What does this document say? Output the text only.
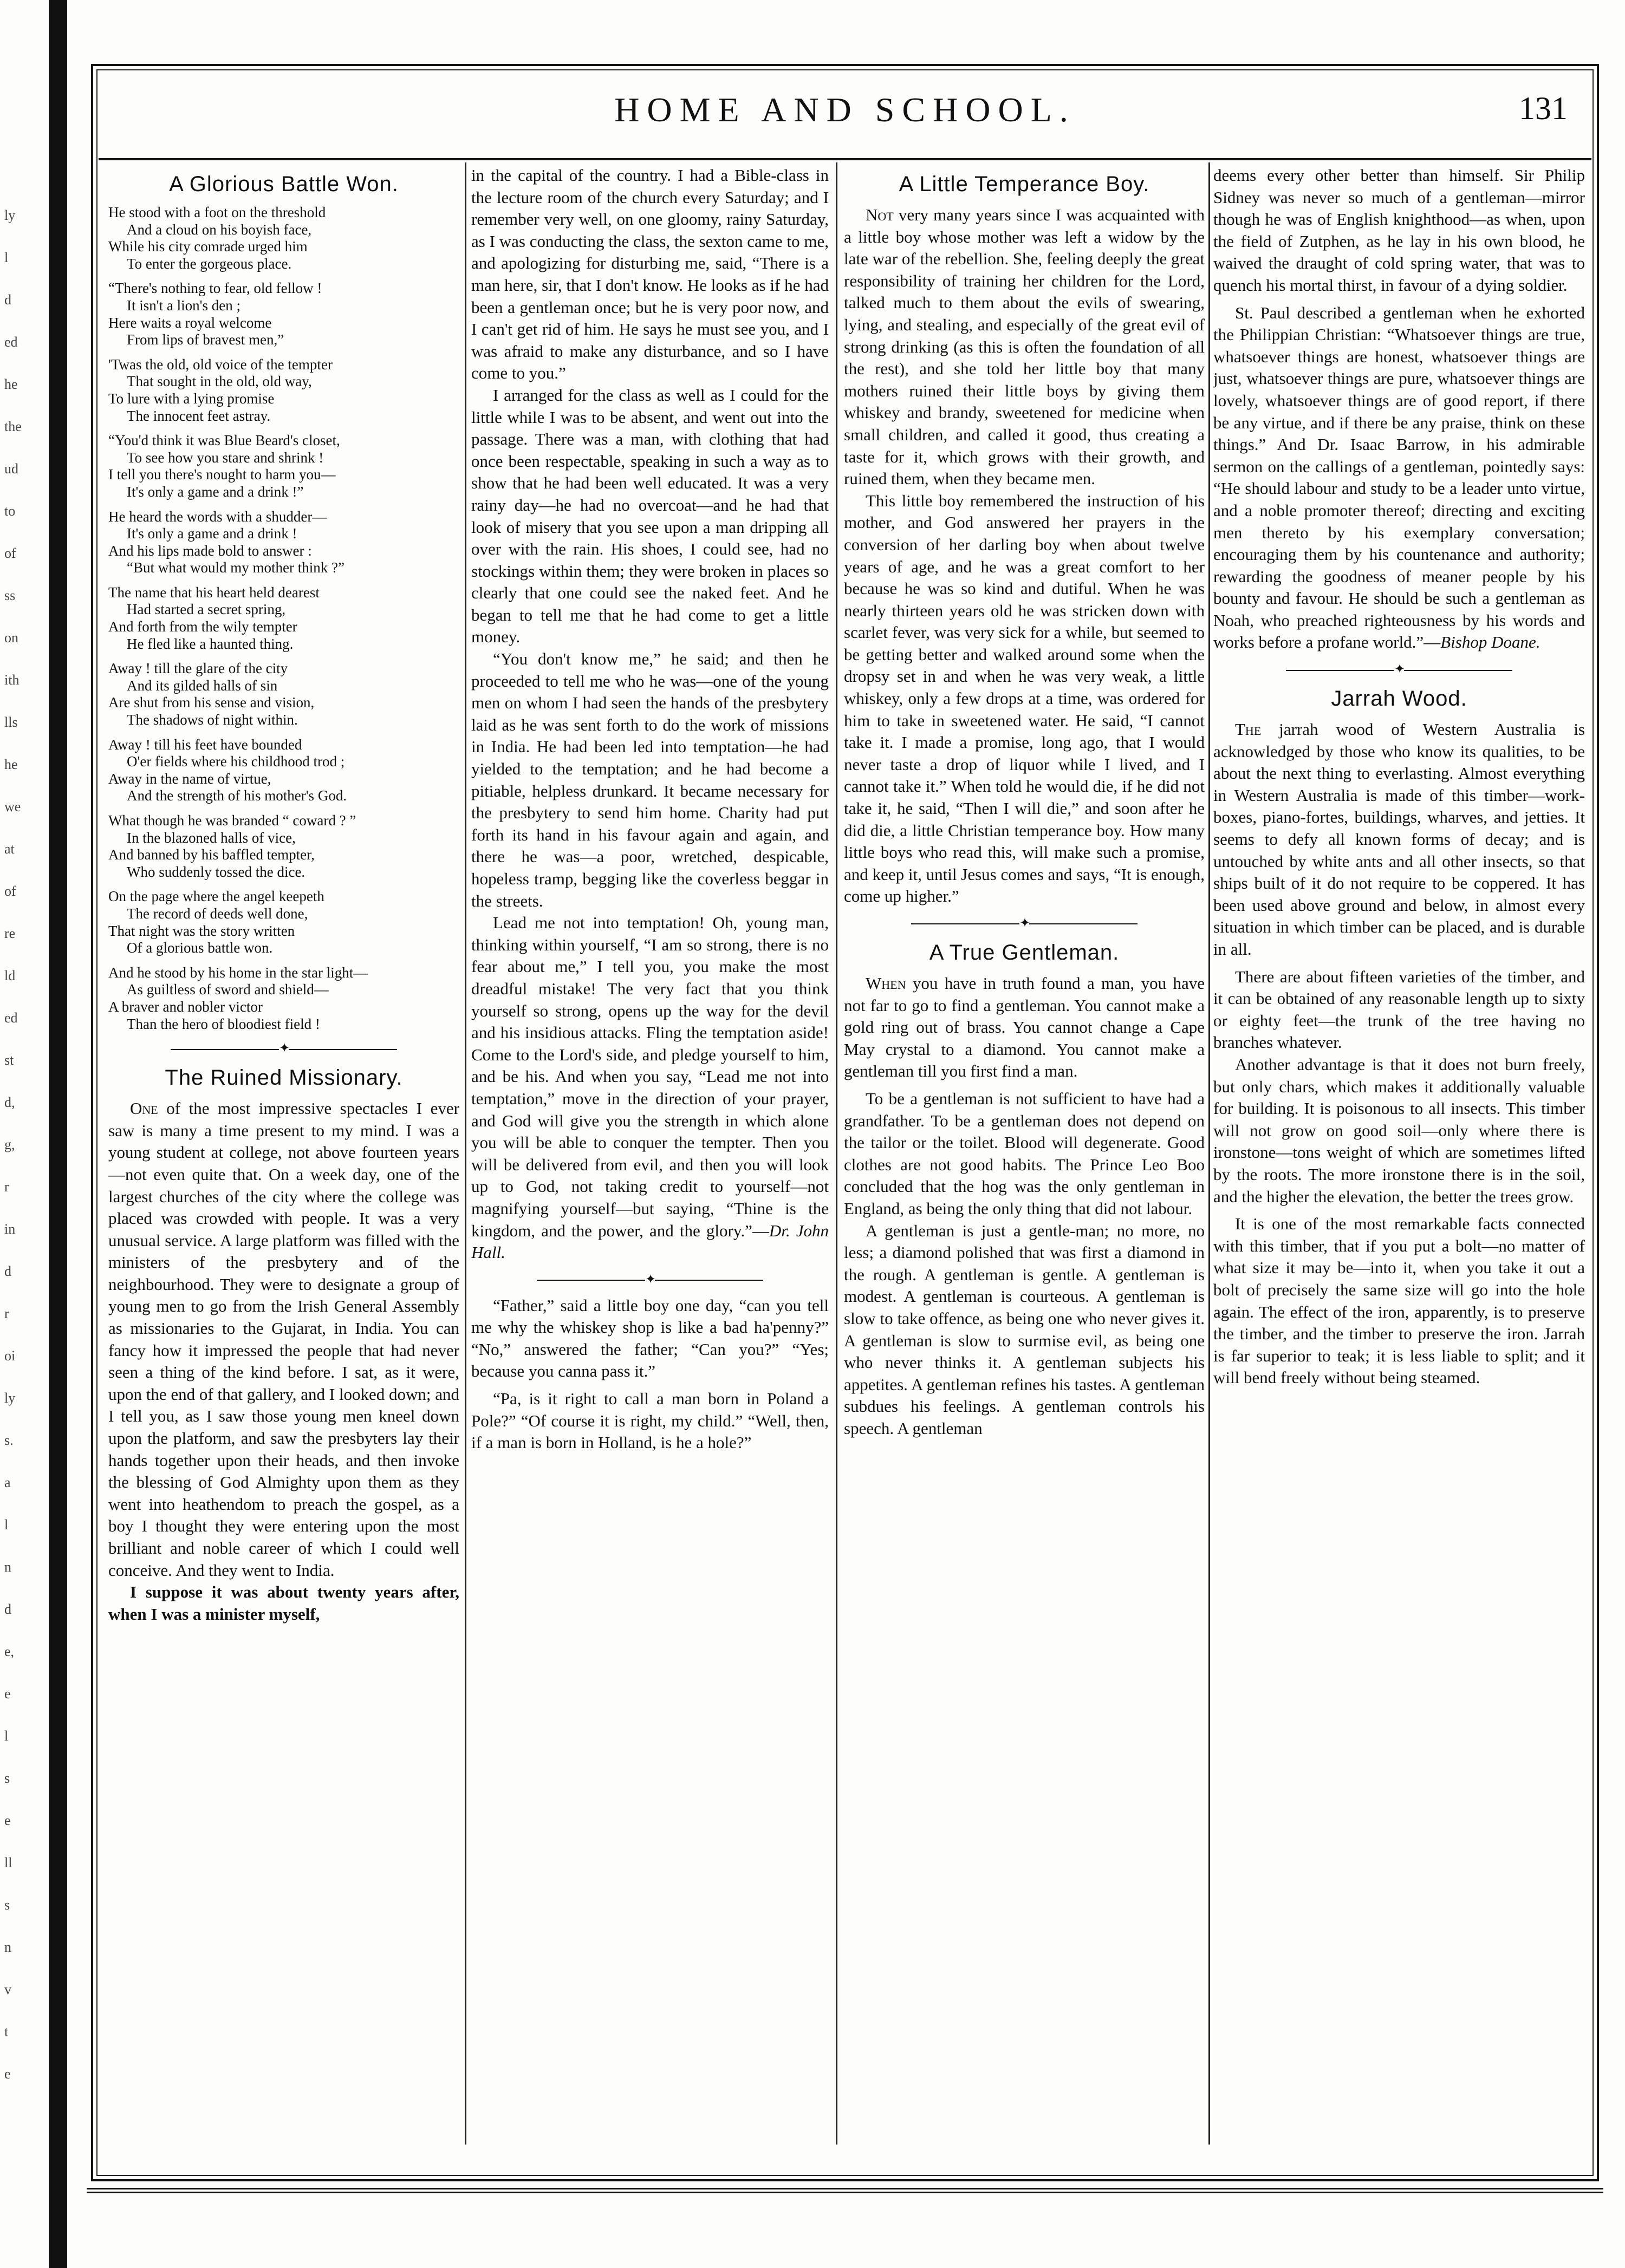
ly
l
d
ed
he
the
ud
to
of
ss
on
ith
lls
he
we
at
of
re
ld
ed
st
d,
g,
r
in
d
r
oi
ly
s.
a
l
n
d
e,
e
l
s
e
ll
s
n
v
t
e
HOME AND SCHOOL.	131
A Glorious Battle Won.
He stood with a foot on the threshold
And a cloud on his boyish face,
While his city comrade urged him
To enter the gorgeous place.
“There's nothing to fear, old fellow !
It isn't a lion's den ;
Here waits a royal welcome
From lips of bravest men,”
'Twas the old, old voice of the tempter
That sought in the old, old way,
To lure with a lying promise
The innocent feet astray.
“You'd think it was Blue Beard's closet,
To see how you stare and shrink !
I tell you there's nought to harm you—
It's only a game and a drink !”
He heard the words with a shudder—
It's only a game and a drink !
And his lips made bold to answer :
“But what would my mother think ?”
The name that his heart held dearest
Had started a secret spring,
And forth from the wily tempter
He fled like a haunted thing.
Away ! till the glare of the city
And its gilded halls of sin
Are shut from his sense and vision,
The shadows of night within.
Away ! till his feet have bounded
O'er fields where his childhood trod ;
Away in the name of virtue,
And the strength of his mother's God.
What though he was branded “ coward ? ”
In the blazoned halls of vice,
And banned by his baffled tempter,
Who suddenly tossed the dice.
On the page where the angel keepeth
The record of deeds well done,
That night was the story written
Of a glorious battle won.
And he stood by his home in the star light—
As guiltless of sword and shield—
A braver and nobler victor
Than the hero of bloodiest field !
✦
The Ruined Missionary.

One of the most impressive spectacles I ever saw is many a time present to my mind. I was a young student at college, not above fourteen years—not even quite that. On a week day, one of the largest churches of the city where the college was placed was crowded with people. It was a very unusual service. A large platform was filled with the ministers of the presbytery and of the neighbourhood. They were to designate a group of young men to go from the Irish General Assembly as missionaries to the Gujarat, in India. You can fancy how it impressed the people that had never seen a thing of the kind before. I sat, as it were, upon the end of that gallery, and I looked down; and I tell you, as I saw those young men kneel down upon the platform, and saw the presbyters lay their hands together upon their heads, and then invoke the blessing of God Almighty upon them as they went into heathendom to preach the gospel, as a boy I thought they were entering upon the most brilliant and noble career of which I could well conceive. And they went to India.

I suppose it was about twenty years after, when I was a minister myself,

in the capital of the country. I had a Bible-class in the lecture room of the church every Saturday; and I remember very well, on one gloomy, rainy Saturday, as I was conducting the class, the sexton came to me, and apologizing for disturbing me, said, “There is a man here, sir, that I don't know. He looks as if he had been a gentleman once; but he is very poor now, and I can't get rid of him. He says he must see you, and I was afraid to make any disturbance, and so I have come to you.”

I arranged for the class as well as I could for the little while I was to be absent, and went out into the passage. There was a man, with clothing that had once been respectable, speaking in such a way as to show that he had been well educated. It was a very rainy day—he had no overcoat—and he had that look of misery that you see upon a man dripping all over with the rain. His shoes, I could see, had no stockings within them; they were broken in places so clearly that one could see the naked feet. And he began to tell me that he had come to get a little money.

“You don't know me,” he said; and then he proceeded to tell me who he was—one of the young men on whom I had seen the hands of the presbytery laid as he was sent forth to do the work of missions in India. He had been led into temptation—he had yielded to the temptation; and he had become a pitiable, helpless drunkard. It became necessary for the presbytery to send him home. Charity had put forth its hand in his favour again and again, and there he was—a poor, wretched, despicable, hopeless tramp, begging like the coverless beggar in the streets.

Lead me not into temptation! Oh, young man, thinking within yourself, “I am so strong, there is no fear about me,” I tell you, you make the most dreadful mistake! The very fact that you think yourself so strong, opens up the way for the devil and his insidious attacks. Fling the temptation aside! Come to the Lord's side, and pledge yourself to him, and be his. And when you say, “Lead me not into temptation,” move in the direction of your prayer, and God will give you the strength in which alone you will be able to conquer the tempter. Then you will be delivered from evil, and then you will look up to God, not taking credit to yourself—not magnifying yourself—but saying, “Thine is the kingdom, and the power, and the glory.”—Dr. John Hall.

✦

“Father,” said a little boy one day, “can you tell me why the whiskey shop is like a bad ha'penny?” “No,” answered the father; “Can you?” “Yes; because you canna pass it.”

“Pa, is it right to call a man born in Poland a Pole?” “Of course it is right, my child.” “Well, then, if a man is born in Holland, is he a hole?”

A Little Temperance Boy.

Not very many years since I was acquainted with a little boy whose mother was left a widow by the late war of the rebellion. She, feeling deeply the great responsibility of training her children for the Lord, talked much to them about the evils of swearing, lying, and stealing, and especially of the great evil of strong drinking (as this is often the foundation of all the rest), and she told her little boy that many mothers ruined their little boys by giving them whiskey and brandy, sweetened for medicine when small children, and called it good, thus creating a taste for it, which grows with their growth, and ruined them, when they became men.

This little boy remembered the instruction of his mother, and God answered her prayers in the conversion of her darling boy when about twelve years of age, and he was a great comfort to her because he was so kind and dutiful. When he was nearly thirteen years old he was stricken down with scarlet fever, was very sick for a while, but seemed to be getting better and walked around some when the dropsy set in and when he was very weak, a little whiskey, only a few drops at a time, was ordered for him to take in sweetened water. He said, “I cannot take it. I made a promise, long ago, that I would never taste a drop of liquor while I lived, and I cannot take it.” When told he would die, if he did not take it, he said, “Then I will die,” and soon after he did die, a little Christian temperance boy. How many little boys who read this, will make such a promise, and keep it, until Jesus comes and says, “It is enough, come up higher.”

✦
A True Gentleman.

When you have in truth found a man, you have not far to go to find a gentleman. You cannot make a gold ring out of brass. You cannot change a Cape May crystal to a diamond. You cannot make a gentleman till you first find a man.

To be a gentleman is not sufficient to have had a grandfather. To be a gentleman does not depend on the tailor or the toilet. Blood will degenerate. Good clothes are not good habits. The Prince Leo Boo concluded that the hog was the only gentleman in England, as being the only thing that did not labour.

A gentleman is just a gentle-man; no more, no less; a diamond polished that was first a diamond in the rough. A gentleman is gentle. A gentleman is modest. A gentleman is courteous. A gentleman is slow to take offence, as being one who never gives it. A gentleman is slow to surmise evil, as being one who never thinks it. A gentleman subjects his appetites. A gentleman refines his tastes. A gentleman subdues his feelings. A gentleman controls his speech. A gentleman

deems every other better than himself. Sir Philip Sidney was never so much of a gentleman—mirror though he was of English knighthood—as when, upon the field of Zutphen, as he lay in his own blood, he waived the draught of cold spring water, that was to quench his mortal thirst, in favour of a dying soldier.

St. Paul described a gentleman when he exhorted the Philippian Christian: “Whatsoever things are true, whatsoever things are honest, whatsoever things are just, whatsoever things are pure, whatsoever things are lovely, whatsoever things are of good report, if there be any virtue, and if there be any praise, think on these things.” And Dr. Isaac Barrow, in his admirable sermon on the callings of a gentleman, pointedly says: “He should labour and study to be a leader unto virtue, and a noble promoter thereof; directing and exciting men thereto by his exemplary conversation; encouraging them by his countenance and authority; rewarding the goodness of meaner people by his bounty and favour. He should be such a gentleman as Noah, who preached righteousness by his words and works before a profane world.”—Bishop Doane.

✦
Jarrah Wood.

The jarrah wood of Western Australia is acknowledged by those who know its qualities, to be about the next thing to everlasting. Almost everything in Western Australia is made of this timber—work-boxes, piano-fortes, buildings, wharves, and jetties. It seems to defy all known forms of decay; and is untouched by white ants and all other insects, so that ships built of it do not require to be coppered. It has been used above ground and below, in almost every situation in which timber can be placed, and is durable in all.

There are about fifteen varieties of the timber, and it can be obtained of any reasonable length up to sixty or eighty feet—the trunk of the tree having no branches whatever.

Another advantage is that it does not burn freely, but only chars, which makes it additionally valuable for building. It is poisonous to all insects. This timber will not grow on good soil—only where there is ironstone—tons weight of which are sometimes lifted by the roots. The more ironstone there is in the soil, and the higher the elevation, the better the trees grow.

It is one of the most remarkable facts connected with this timber, that if you put a bolt—no matter of what size it may be—into it, when you take it out a bolt of precisely the same size will go into the hole again. The effect of the iron, apparently, is to preserve the timber, and the timber to preserve the iron. Jarrah is far superior to teak; it is less liable to split; and it will bend freely without being steamed.
